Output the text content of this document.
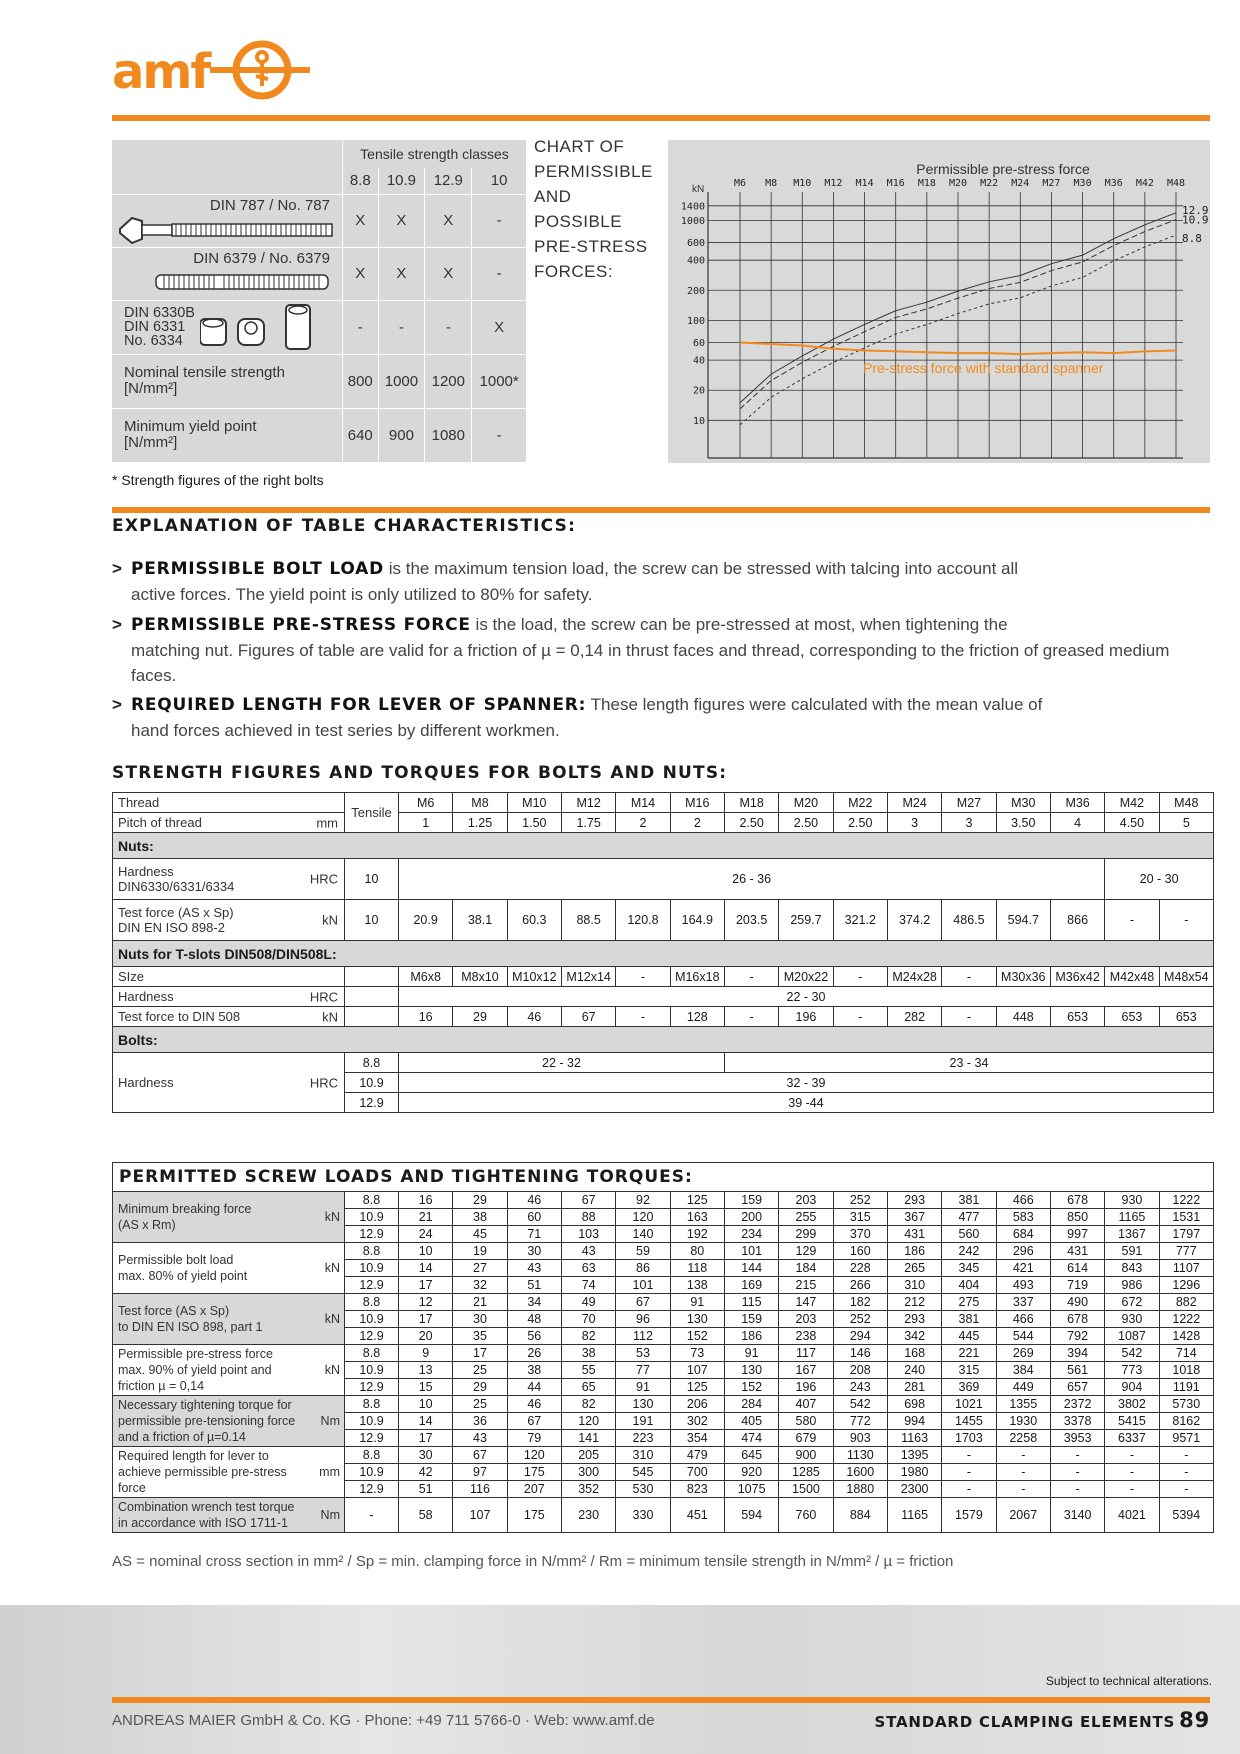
amf
	Tensile strength classes			
	8.8	10.9	12.9	10

DIN 787 / No. 787	X	X	X	-

DIN 6379 / No. 6379	X	X	X	-

DIN 6330B
DIN 6331
No. 6334	-	-	-	X
Nominal tensile strength
[N/mm²]	800	1000	1200	1000*
Minimum yield point
[N/mm²]	640	900	1080	-
* Strength figures of the right bolts
CHART OF PERMISSIBLE AND POSSIBLE PRE-STRESS FORCES:
Permissible pre-stress force
kN
M6 M8 M10 M12 M14 M16 M18 M20 M22 M24 M27 M30 M36 M42 M48
1400
1000
600
400
200
100
60
40
20
10
12.9
10.9
8.8
Pre-stress force with standard spanner
EXPLANATION OF TABLE CHARACTERISTICS:
> PERMISSIBLE BOLT LOAD is the maximum tension load, the screw can be stressed with talcing into account all
active forces. The yield point is only utilized to 80% for safety.
> PERMISSIBLE PRE-STRESS FORCE is the load, the screw can be pre-stressed at most, when tightening the
matching nut. Figures of table are valid for a friction of µ = 0,14 in thrust faces and thread, corresponding to the friction of greased medium faces.
> REQUIRED LENGTH FOR LEVER OF SPANNER: These length figures were calculated with the mean value of
hand forces achieved in test series by different workmen.
STRENGTH FIGURES AND TORQUES FOR BOLTS AND NUTS:
Thread	Tensile	M6	M8	M10	M12	M14	M16	M18	M20	M22	M24	M27	M30	M36	M42	M48
Pitch of thread mm		1	1.25	1.50	1.75	2	2	2.50	2.50	2.50	3	3	3.50	4	4.50	5
Nuts:																
Hardness
DIN6330/6331/6334 HRC	10	26 - 36													20 - 30	
Test force (AS x Sp)
DIN EN ISO 898-2 kN	10	20.9	38.1	60.3	88.5	120.8	164.9	203.5	259.7	321.2	374.2	486.5	594.7	866	-	-
Nuts for T-slots DIN508/DIN508L:																
SIze		M6x8	M8x10	M10x12	M12x14	-	M16x18	-	M20x22	-	M24x28	-	M30x36	M36x42	M42x48	M48x54
Hardness HRC		22 - 30														
Test force to DIN 508 kN		16	29	46	67	-	128	-	196	-	282	-	448	653	653	653
Bolts:																
Hardness HRC	8.8	22 - 32						23 - 34								
	10.9	32 - 39														
	12.9	39 -44														
PERMITTED SCREW LOADS AND TIGHTENING TORQUES:																
Minimum breaking force
(AS x Rm)
kN	8.8	16	29	46	67	92	125	159	203	252	293	381	466	678	930	1222
	10.9	21	38	60	88	120	163	200	255	315	367	477	583	850	1165	1531
	12.9	24	45	71	103	140	192	234	299	370	431	560	684	997	1367	1797
Permissible bolt load
max. 80% of yield point
kN	8.8	10	19	30	43	59	80	101	129	160	186	242	296	431	591	777
	10.9	14	27	43	63	86	118	144	184	228	265	345	421	614	843	1107
	12.9	17	32	51	74	101	138	169	215	266	310	404	493	719	986	1296
Test force (AS x Sp)
to DIN EN ISO 898, part 1
kN	8.8	12	21	34	49	67	91	115	147	182	212	275	337	490	672	882
	10.9	17	30	48	70	96	130	159	203	252	293	381	466	678	930	1222
	12.9	20	35	56	82	112	152	186	238	294	342	445	544	792	1087	1428
Permissible pre-stress force
max. 90% of yield point and
friction µ = 0,14
kN	8.8	9	17	26	38	53	73	91	117	146	168	221	269	394	542	714
	10.9	13	25	38	55	77	107	130	167	208	240	315	384	561	773	1018
	12.9	15	29	44	65	91	125	152	196	243	281	369	449	657	904	1191
Necessary tightening torque for
permissible pre-tensioning force
and a friction of µ=0.14
Nm	8.8	10	25	46	82	130	206	284	407	542	698	1021	1355	2372	3802	5730
	10.9	14	36	67	120	191	302	405	580	772	994	1455	1930	3378	5415	8162
	12.9	17	43	79	141	223	354	474	679	903	1163	1703	2258	3953	6337	9571
Required length for lever to
achieve permissible pre-stress
force
mm	8.8	30	67	120	205	310	479	645	900	1130	1395	-	-	-	-	-
	10.9	42	97	175	300	545	700	920	1285	1600	1980	-	-	-	-	-
	12.9	51	116	207	352	530	823	1075	1500	1880	2300	-	-	-	-	-
Combination wrench test torque
in accordance with ISO 1711-1
Nm	-	58	107	175	230	330	451	594	760	884	1165	1579	2067	3140	4021	5394
AS = nominal cross section in mm² / Sp = min. clamping force in N/mm² / Rm = minimum tensile strength in N/mm² / µ = friction
Subject to technical alterations.
ANDREAS MAIER GmbH & Co. KG · Phone: +49 711 5766-0 · Web: www.amf.de	STANDARD CLAMPING ELEMENTS 89
